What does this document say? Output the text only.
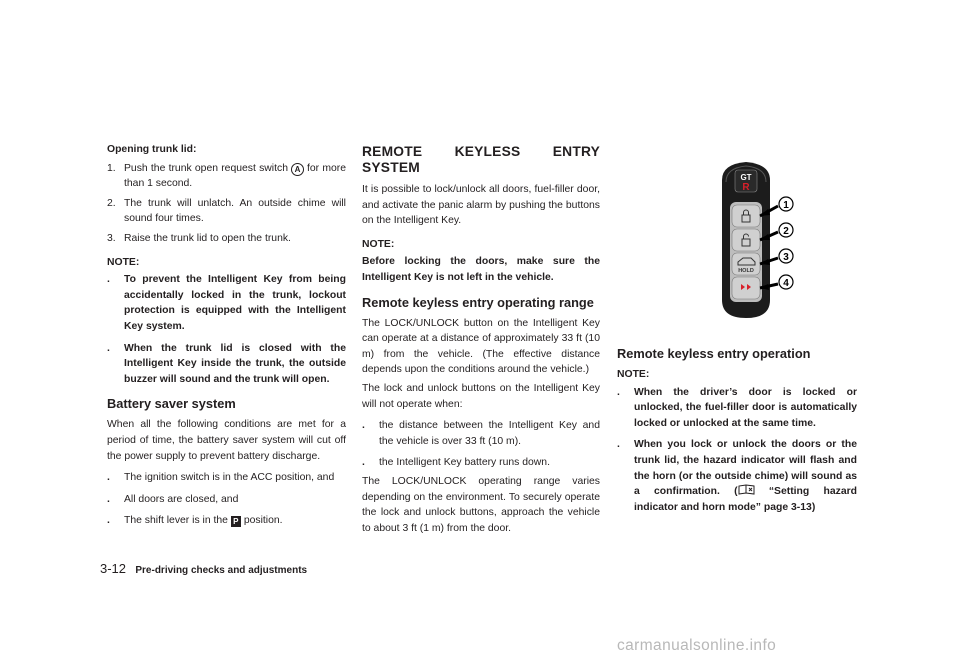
Opening trunk lid:

1. Push the trunk open request switch A for more than 1 second.
2. The trunk will unlatch. An outside chime will sound four times.
3. Raise the trunk lid to open the trunk.

NOTE:

.	To prevent the Intelligent Key from being accidentally locked in the trunk, lockout protection is equipped with the Intelligent Key system.
.	When the trunk lid is closed with the Intelligent Key inside the trunk, the outside buzzer will sound and the trunk will open.

Battery saver system

When all the following conditions are met for a period of time, the battery saver system will cut off the power supply to prevent battery discharge.

.	The ignition switch is in the ACC position, and
.	All doors are closed, and
.	The shift lever is in the P position.

REMOTE KEYLESS ENTRY SYSTEM

It is possible to lock/unlock all doors, fuel-filler door, and activate the panic alarm by pushing the buttons on the Intelligent Key.

NOTE:

Before locking the doors, make sure the Intelligent Key is not left in the vehicle.

Remote keyless entry operating range

The LOCK/UNLOCK button on the Intelligent Key can operate at a distance of approximately 33 ft (10 m) from the vehicle. (The effective distance depends upon the conditions around the vehicle.)

The lock and unlock buttons on the Intelligent Key will not operate when:

.	the distance between the Intelligent Key and the vehicle is over 33 ft (10 m).
.	the Intelligent Key battery runs down.

The LOCK/UNLOCK operating range varies depending on the environment. To securely operate the lock and unlock buttons, approach the vehicle to about 3 ft (1 m) from the door.

GT
R
HOLD
1
2
3
4

Remote keyless entry operation

NOTE:

.	When the driver’s door is locked or unlocked, the fuel-filler door is automatically locked or unlocked at the same time.
.	When you lock or unlock the doors or the trunk lid, the hazard indicator will flash and the horn (or the outside chime) will sound as a confirmation. (	“Setting hazard indicator and horn mode” page 3-13)
3-12 Pre-driving checks and adjustments
carmanualsonline.info
